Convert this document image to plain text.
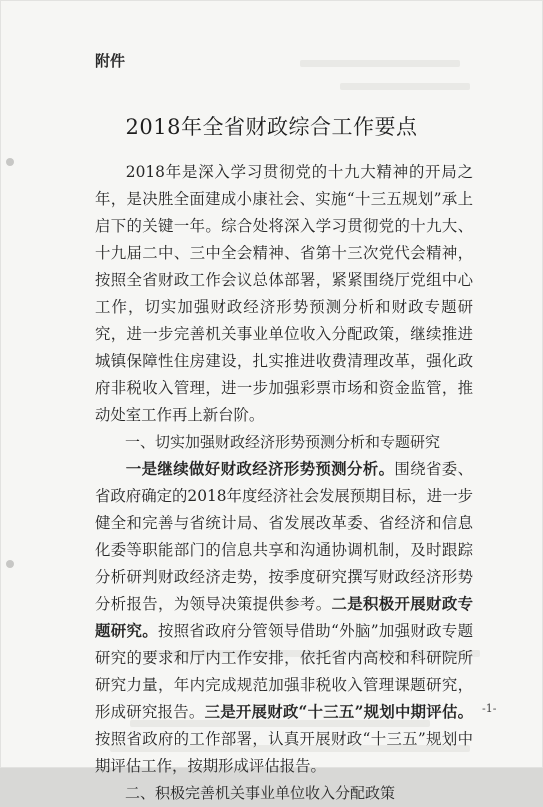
附件
2018年全省财政综合工作要点

2018年是深入学习贯彻党的十九大精神的开局之年，是决胜全面建成小康社会、实施“十三五规划”承上启下的关键一年。综合处将深入学习贯彻党的十九大、十九届二中、三中全会精神、省第十三次党代会精神，按照全省财政工作会议总体部署，紧紧围绕厅党组中心工作，切实加强财政经济形势预测分析和财政专题研究，进一步完善机关事业单位收入分配政策，继续推进城镇保障性住房建设，扎实推进收费清理改革，强化政府非税收入管理，进一步加强彩票市场和资金监管，推动处室工作再上新台阶。

一、切实加强财政经济形势预测分析和专题研究

一是继续做好财政经济形势预测分析。围绕省委、省政府确定的2018年度经济社会发展预期目标，进一步健全和完善与省统计局、省发展改革委、省经济和信息化委等职能部门的信息共享和沟通协调机制，及时跟踪分析研判财政经济走势，按季度研究撰写财政经济形势分析报告，为领导决策提供参考。二是积极开展财政专题研究。按照省政府分管领导借助“外脑”加强财政专题研究的要求和厅内工作安排，依托省内高校和科研院所研究力量，年内完成规范加强非税收入管理课题研究，形成研究报告。三是开展财政“十三五”规划中期评估。按照省政府的工作部署，认真开展财政“十三五”规划中期评估工作，按期形成评估报告。

二、积极完善机关事业单位收入分配政策

-1-
